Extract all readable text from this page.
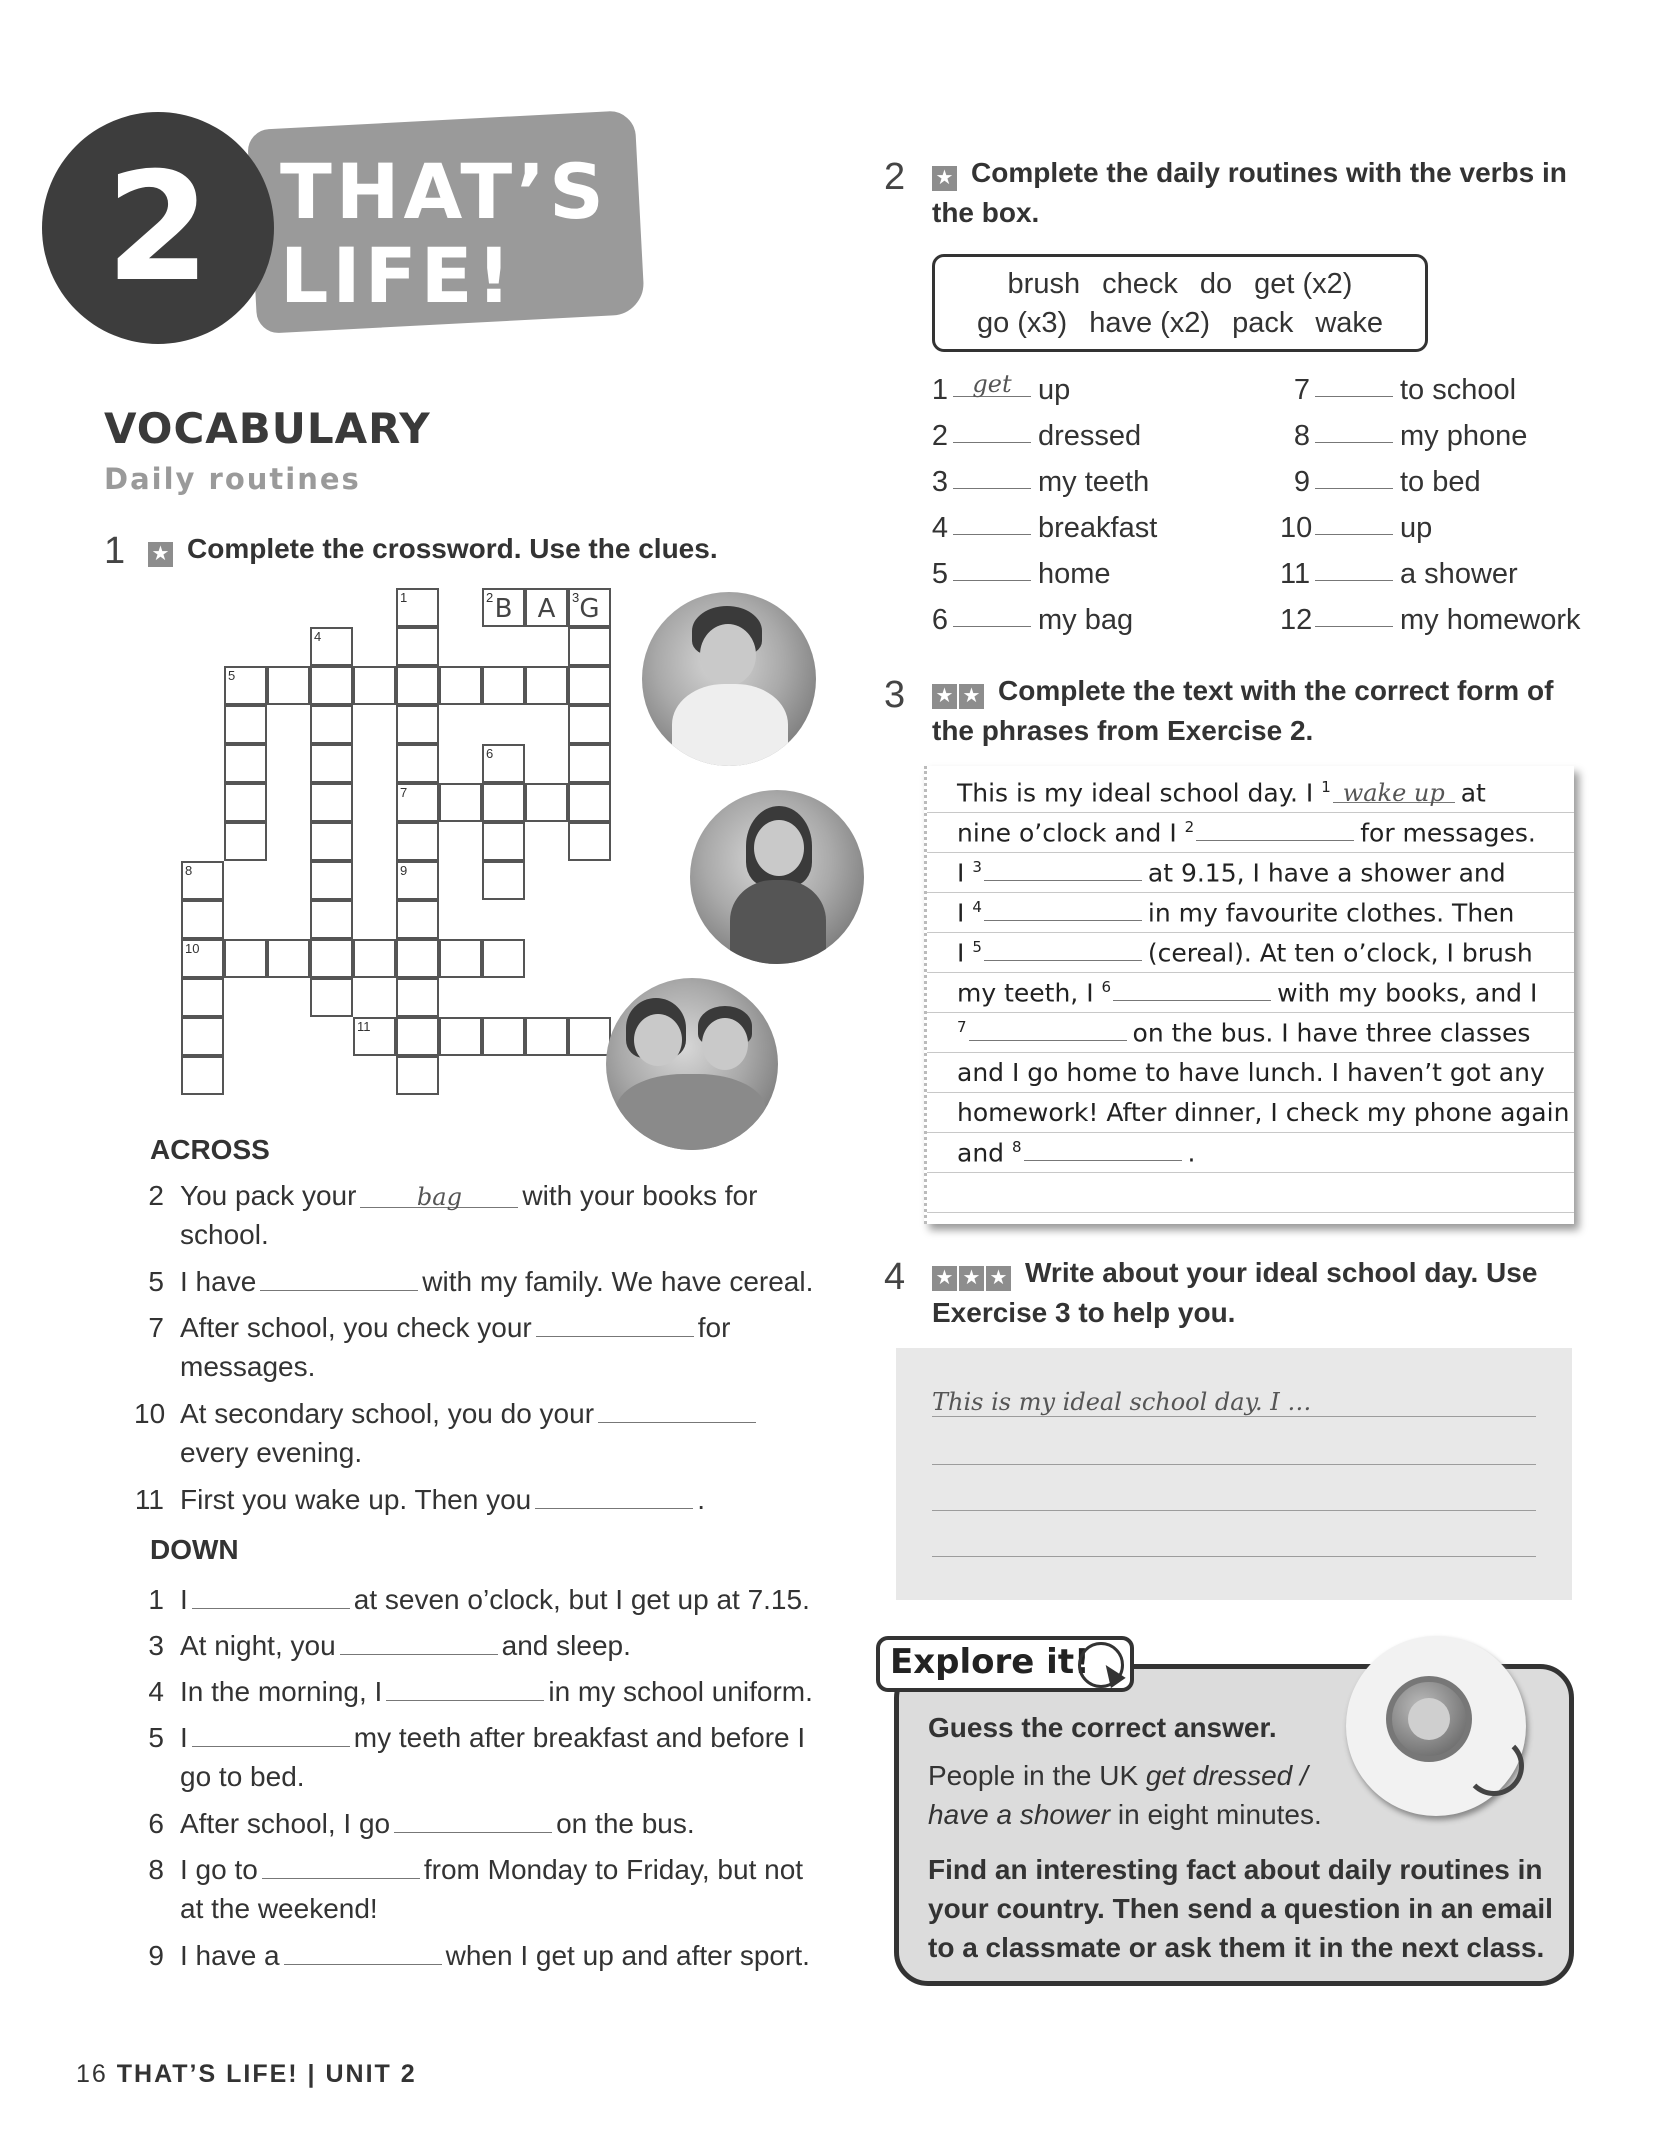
2 THAT’S
LIFE!
VOCABULARY
Daily routines
1 ★ Complete the crossword. Use the clues.
1
7
9
4
3 G
2 B A
5
6
8
10
11
ACROSS
DOWN
2 You pack your	bag with your books for
school.
5 I have	with my family. We have cereal.
7 After school, you check your	for
messages.
10 At secondary school, you do your
every evening.
11 First you wake up. Then you	.
1 I	at seven o’clock, but I get up at 7.15.
3 At night, you	and sleep.
4 In the morning, I	in my school uniform.
5 I	my teeth after breakfast and before I
go to bed.
6 After school, I go	on the bus.
8 I go to	from Monday to Friday, but not
at the weekend!
9 I have a	when I get up and after sport.
2 ★ Complete the daily routines with the verbs in
the box.
brush check do get (x2)
go (x3) have (x2) pack wake
1	get up
2	dressed
3	my teeth
4	breakfast
5	home
6	my bag
7	to school
8	my phone
9	to bed
10	up
11	a shower
12	my homework
3 ★ ★ Complete the text with the correct form of
the phrases from Exercise 2.
This is my ideal school day. I $^1$ wake up at
nine o’clock and I $^2$	for messages.
I $^3$	at 9.15, I have a shower and
I $^4$	in my favourite clothes. Then
I $^5$	(cereal). At ten o’clock, I brush
my teeth, I $^6$	with my books, and I
$^7$	on the bus. I have three classes
and I go home to have lunch. I haven’t got any
homework! After dinner, I check my phone again
and $^8$	.
4 ★ ★ ★ Write about your ideal school day. Use
Exercise 3 to help you.
This is my ideal school day. I …
Explore it!
Guess the correct answer.
People in the UK get dressed /
have a shower in eight minutes.
Find an interesting fact about daily routines in
your country. Then send a question in an email
to a classmate or ask them it in the next class.
16 THAT’S LIFE! | UNIT 2
